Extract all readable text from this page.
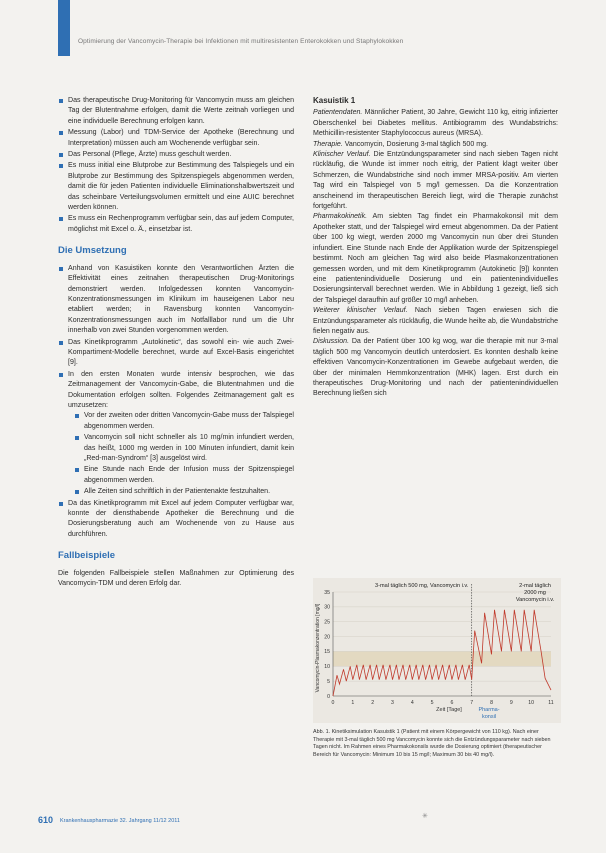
Optimierung der Vancomycin-Therapie bei Infektionen mit multiresistenten Enterokokken und Staphylokokken
Das therapeutische Drug-Monitoring für Vancomycin muss am gleichen Tag der Blutentnahme erfolgen, damit die Werte zeitnah vorliegen und eine individuelle Berechnung erfolgen kann.
Messung (Labor) und TDM-Service der Apotheke (Berechnung und Interpretation) müssen auch am Wochenende verfügbar sein.
Das Personal (Pflege, Ärzte) muss geschult werden.
Es muss initial eine Blutprobe zur Bestimmung des Talspiegels und ein Blutprobe zur Bestimmung des Spitzenspiegels abgenommen werden, damit die für jeden Patienten individuelle Eliminationshalbwertszeit und das scheinbare Verteilungsvolumen ermittelt und eine AUIC berechnet werden können.
Es muss ein Rechenprogramm verfügbar sein, das auf jedem Computer, möglichst mit Excel o. Ä., einsetzbar ist.
Die Umsetzung
Anhand von Kasuistiken konnte den Verantwortlichen Ärzten die Effektivität eines zeitnahen therapeutischen Drug-Monitorings demonstriert werden. Infolgedessen konnten Vancomycin-Konzentrationsmessungen im Klinikum im hauseigenen Labor neu etabliert werden; in Ravensburg konnten Vancomycin-Konzentrationsmessungen auch im Notfalllabor rund um die Uhr innerhalb von zwei Stunden vorgenommen werden.
Das Kinetikprogramm „Autokinetic“, das sowohl ein- wie auch Zwei-Kompartiment-Modelle berechnet, wurde auf Excel-Basis eingerichtet [9].
In den ersten Monaten wurde intensiv besprochen, wie das Zeitmanagement der Vancomycin-Gabe, die Blutentnahmen und die Dokumentation erfolgen sollten. Folgendes Zeitmanagement galt es umzusetzen:
Vor der zweiten oder dritten Vancomycin-Gabe muss der Talspiegel abgenommen werden.
Vancomycin soll nicht schneller als 10 mg/min infundiert werden, das heißt, 1000 mg werden in 100 Minuten infundiert, damit kein „Red-man-Syndrom“ [3] ausgelöst wird.
Eine Stunde nach Ende der Infusion muss der Spitzenspiegel abgenommen werden.
Alle Zeiten sind schriftlich in der Patientenakte festzuhalten.
Da das Kinetikprogramm mit Excel auf jedem Computer verfügbar war, konnte der diensthabende Apotheker die Berechnung und die Dosierungsberatung auch am Wochenende von zu Hause aus durchführen.
Fallbeispiele

Die folgenden Fallbeispiele stellen Maßnahmen zur Optimierung des Vancomycin-TDM und deren Erfolg dar.

Kasuistik 1

Patientendaten. Männlicher Patient, 30 Jahre, Gewicht 110 kg, eitrig infizierter Oberschenkel bei Diabetes mellitus. Antibiogramm des Wundabstrichs: Methicillin-resistenter Staphylococcus aureus (MRSA).

Therapie. Vancomycin, Dosierung 3-mal täglich 500 mg.

Klinischer Verlauf. Die Entzündungsparameter sind nach sieben Tagen nicht rückläufig, die Wunde ist immer noch eitrig, der Patient klagt weiter über Schmerzen, die Wundabstriche sind noch immer MRSA-positiv. Am vierten Tag wird ein Talspiegel von 5 mg/l gemessen. Da die Konzentration anscheinend im therapeutischen Bereich liegt, wird die Therapie zunächst fortgeführt.

Pharmakokinetik. Am siebten Tag findet ein Pharmakokonsil mit dem Apotheker statt, und der Talspiegel wird erneut abgenommen. Da der Patient über 100 kg wiegt, werden 2000 mg Vancomycin nun über drei Stunden infundiert. Eine Stunde nach Ende der Applikation wurde der Spitzenspiegel bestimmt. Noch am gleichen Tag wird also beide Plasmakonzentrationen gemessen worden, und mit dem Kinetikprogramm (Autokinetic [9]) konnten eine patientenindividuelle Dosierung und ein patientenindividuelles Dosierungsintervall berechnet werden. Wie in Abbildung 1 gezeigt, ließ sich der Talspiegel daraufhin auf größer 10 mg/l anheben.

Weiterer klinischer Verlauf. Nach sieben Tagen erwiesen sich die Entzündungsparameter als rückläufig, die Wunde heilte ab, die Wundabstriche fielen negativ aus.

Diskussion. Da der Patient über 100 kg wog, war die therapie mit nur 3-mal täglich 500 mg Vancomycin deutlich unterdosiert. Es konnten deshalb keine effektiven Vancomycin-Konzentrationen im Gewebe aufgebaut werden, die über der minimalen Hemmkonzentration (MHK) lagen. Erst durch ein therapeutisches Drug-Monitoring und nach der patientenindividuellen Berechnung ließen sich

0
5
10
15
20
25
30
35
0	1	2	3	4	5	6	7	8	9	10	11
3-mal täglich 500 mg, Vancomycin i.v.	2-mal täglich
2000 mg
Vancomycin i.v.
Vancomycin-Plasmakonzentration [mg/l]
Zeit [Tage]	Pharma-
konsil
Abb. 1. Kinetiksimulation Kasuistik 1 (Patient mit einem Körpergewicht von 110 kg). Nach einer Therapie mit 3-mal täglich 500 mg Vancomycin konnte sich die Entzündungsparameter nach sieben Tagen nicht. Im Rahmen eines Pharmakokonsils wurde die Dosierung optimiert (therapeutischer Bereich für Vancomycin: Minimum 10 bis 15 mg/l; Maximum 30 bis 40 mg/l).
610 Krankenhauspharmazie 32. Jahrgang 11/12 2011
✳
